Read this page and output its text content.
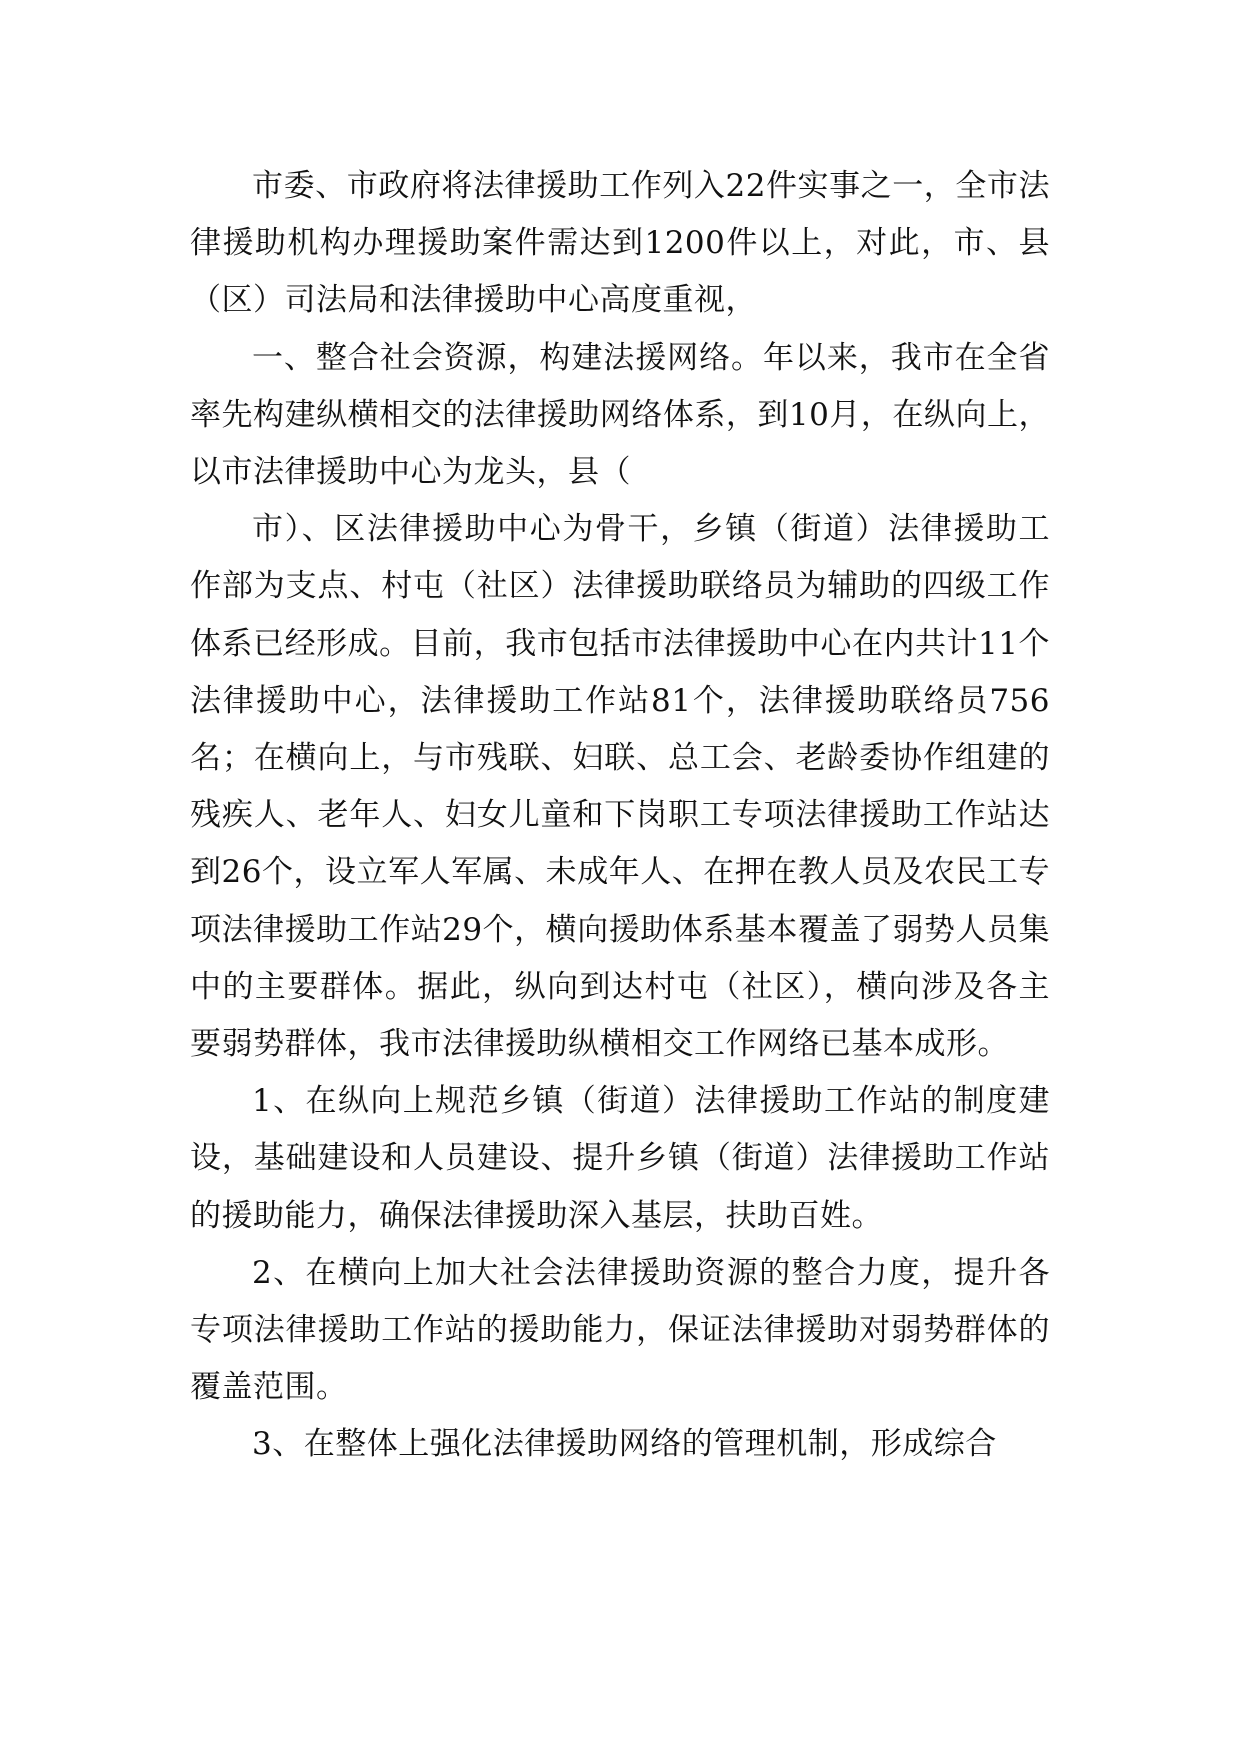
市委、市政府将法律援助工作列入22件实事之一，全市法律援助机构办理援助案件需达到1200件以上，对此，市、县（区）司法局和法律援助中心高度重视，

一、整合社会资源，构建法援网络。年以来，我市在全省率先构建纵横相交的法律援助网络体系，到10月，在纵向上，以市法律援助中心为龙头，县（

市）、区法律援助中心为骨干，乡镇（街道）法律援助工作部为支点、村屯（社区）法律援助联络员为辅助的四级工作体系已经形成。目前，我市包括市法律援助中心在内共计11个法律援助中心，法律援助工作站81个，法律援助联络员756名；在横向上，与市残联、妇联、总工会、老龄委协作组建的残疾人、老年人、妇女儿童和下岗职工专项法律援助工作站达到26个，设立军人军属、未成年人、在押在教人员及农民工专项法律援助工作站29个，横向援助体系基本覆盖了弱势人员集中的主要群体。据此，纵向到达村屯（社区），横向涉及各主要弱势群体，我市法律援助纵横相交工作网络已基本成形。

1、在纵向上规范乡镇（街道）法律援助工作站的制度建设，基础建设和人员建设、提升乡镇（街道）法律援助工作站的援助能力，确保法律援助深入基层，扶助百姓。

2、在横向上加大社会法律援助资源的整合力度，提升各专项法律援助工作站的援助能力，保证法律援助对弱势群体的覆盖范围。

3、在整体上强化法律援助网络的管理机制，形成综合
